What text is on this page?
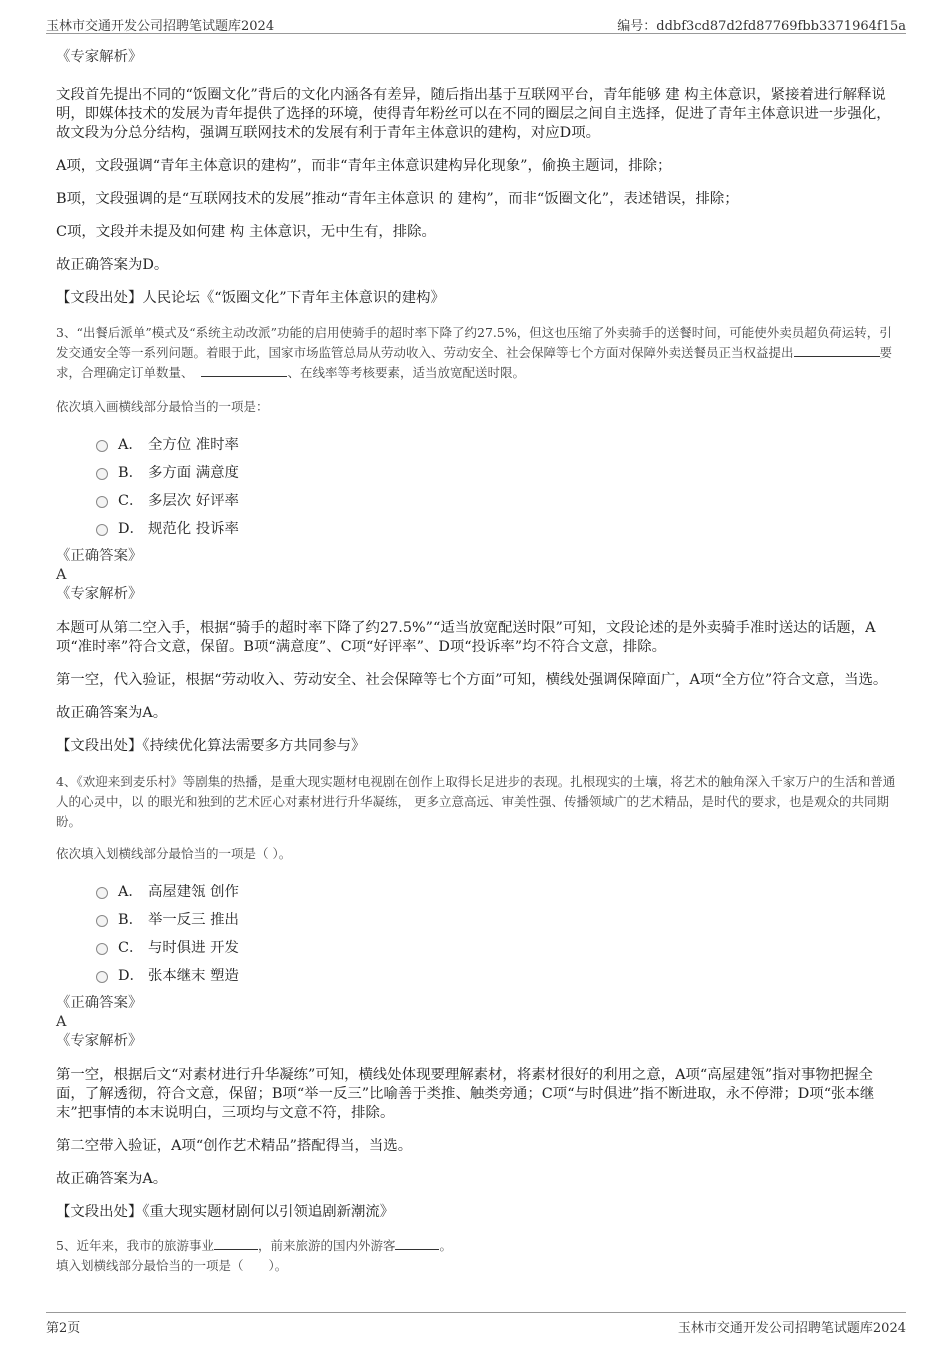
玉林市交通开发公司招聘笔试题库2024	编号：ddbf3cd87d2fd87769fbb3371964f15a

《专家解析》

文段首先提出不同的“饭圈文化”背后的文化内涵各有差异，随后指出基于互联网平台，青年能够 建 构主体意识，紧接着进行解释说明，即媒体技术的发展为青年提供了选择的环境，使得青年粉丝可以在不同的圈层之间自主选择，促进了青年主体意识进一步强化，故文段为分总分结构，强调互联网技术的发展有利于青年主体意识的建构，对应D项。

A项，文段强调“青年主体意识的建构”，而非“青年主体意识建构异化现象”，偷换主题词，排除；

B项，文段强调的是“互联网技术的发展”推动“青年主体意识 的 建构”，而非“饭圈文化”，表述错误，排除；

C项，文段并未提及如何建 构 主体意识，无中生有，排除。

故正确答案为D。

【文段出处】人民论坛《“饭圈文化”下青年主体意识的建构》

3、“出餐后派单”模式及“系统主动改派”功能的启用使骑手的超时率下降了约27.5%，但这也压缩了外卖骑手的送餐时间，可能使外卖员超负荷运转，引发交通安全等一系列问题。着眼于此，国家市场监管总局从劳动收入、劳动安全、社会保障等七个方面对保障外卖送餐员正当权益提出	要求，合理确定订单数量、	、在线率等考核要素，适当放宽配送时限。

依次填入画横线部分最恰当的一项是：

A． 全方位 准时率
B． 多方面 满意度
C． 多层次 好评率
D． 规范化 投诉率

《正确答案》

A

《专家解析》

本题可从第二空入手，根据“骑手的超时率下降了约27.5%”“适当放宽配送时限”可知，文段论述的是外卖骑手准时送达的话题，A项“准时率”符合文意，保留。B项“满意度”、C项“好评率”、D项“投诉率”均不符合文意，排除。

第一空，代入验证，根据“劳动收入、劳动安全、社会保障等七个方面”可知，横线处强调保障面广，A项“全方位”符合文意，当选。

故正确答案为A。

【文段出处】《持续优化算法需要多方共同参与》

4、《欢迎来到麦乐村》等剧集的热播，是重大现实题材电视剧在创作上取得长足进步的表现。扎根现实的土壤，将艺术的触角深入千家万户的生活和普通人的心灵中，以 的眼光和独到的艺术匠心对素材进行升华凝练， 更多立意高远、审美性强、传播领域广的艺术精品，是时代的要求，也是观众的共同期盼。

依次填入划横线部分最恰当的一项是（ ）。

A． 高屋建瓴 创作
B． 举一反三 推出
C． 与时俱进 开发
D． 张本继末 塑造

《正确答案》

A

《专家解析》

第一空，根据后文“对素材进行升华凝练”可知，横线处体现要理解素材，将素材很好的利用之意，A项“高屋建瓴”指对事物把握全面，了解透彻，符合文意，保留；B项“举一反三”比喻善于类推、触类旁通；C项“与时俱进”指不断进取，永不停滞；D项“张本继末”把事情的本末说明白，三项均与文意不符，排除。

第二空带入验证，A项“创作艺术精品”搭配得当，当选。

故正确答案为A。

【文段出处】《重大现实题材剧何以引领追剧新潮流》

5、近年来，我市的旅游事业	，前来旅游的国内外游客	。

填入划横线部分最恰当的一项是（　　）。

第2页	玉林市交通开发公司招聘笔试题库2024
